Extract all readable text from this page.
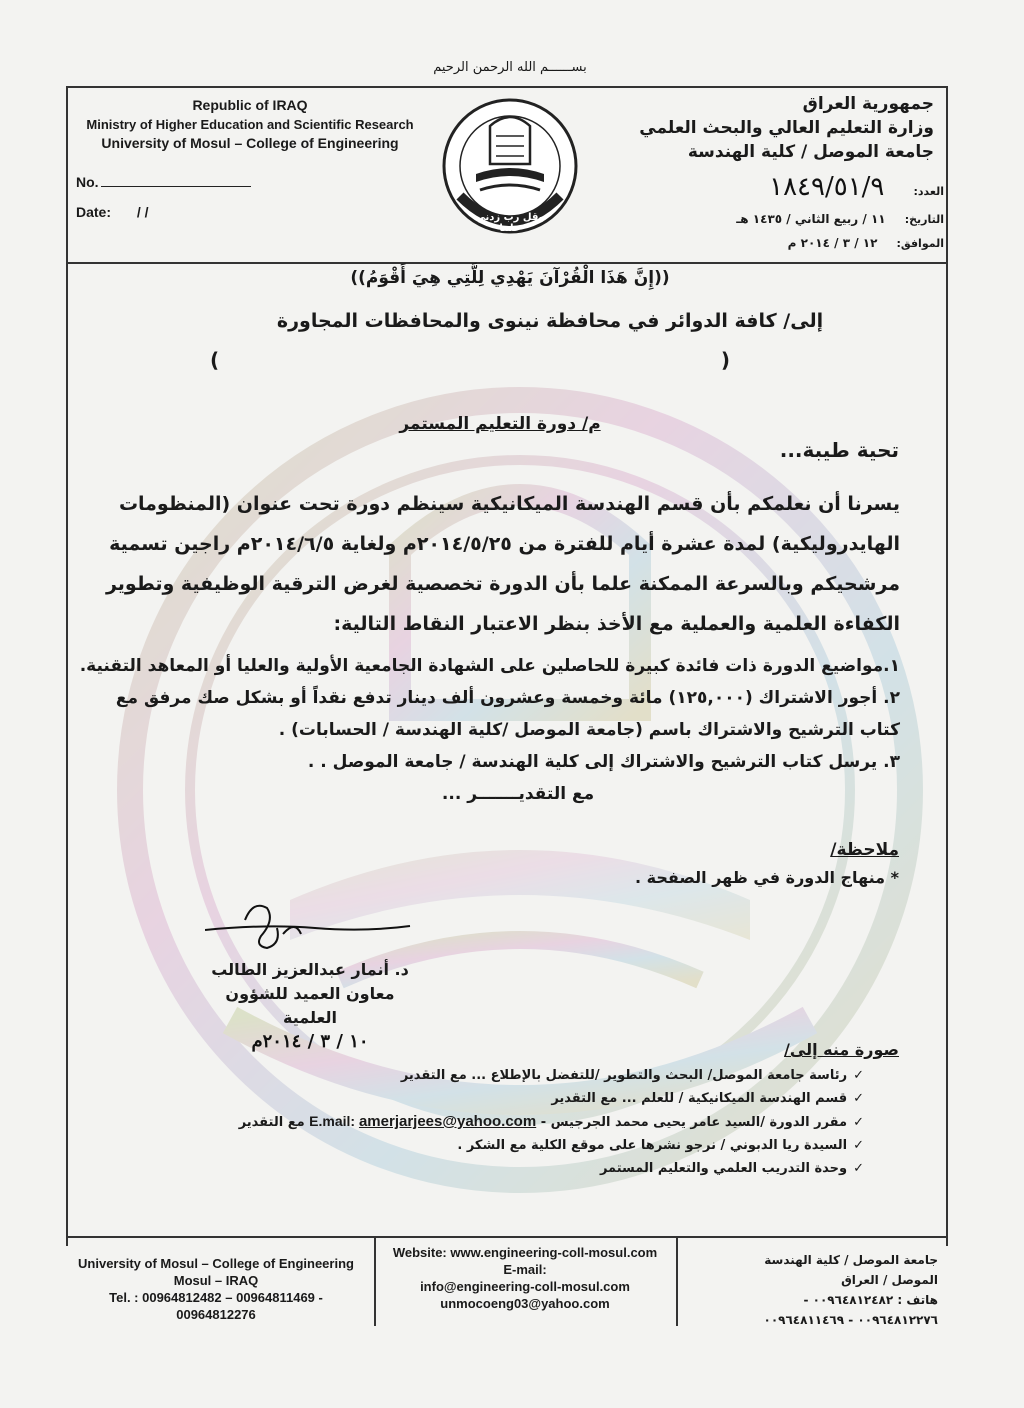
بســــــم الله الرحمن الرحيم
Republic of IRAQ
Ministry of Higher Education and Scientific Research
University of Mosul – College of Engineering
No.
Date: / /	وقل رب زدني علما
جمهورية العراق
وزارة التعليم العالي والبحث العلمي
جامعة الموصل / كلية الهندسة
العدد: ١٨٤٩/٥١/٩
التاريخ: ١١ / ربيع الثاني / ١٤٣٥ هـ
الموافق: ١٢ / ٣ / ٢٠١٤ م
((إِنَّ هَذَا الْقُرْآنَ يَهْدِي لِلَّتِي هِيَ أَقْوَمُ))
إلى/ كافة الدوائر في محافظة نينوى والمحافظات المجاورة
(	)
م/ دورة التعليم المستمر
تحية طيبة...
يسرنا أن نعلمكم بأن قسم الهندسة الميكانيكية سينظم دورة تحت عنوان (المنظومات الهايدروليكية) لمدة عشرة أيام للفترة من ٢٠١٤/٥/٢٥م ولغاية ٢٠١٤/٦/٥م راجين تسمية مرشحيكم وبالسرعة الممكنة علما بأن الدورة تخصصية لغرض الترقية الوظيفية وتطوير الكفاءة العلمية والعملية مع الأخذ بنظر الاعتبار النقاط التالية:
١.مواضيع الدورة ذات فائدة كبيرة للحاصلين على الشهادة الجامعية الأولية والعليا أو المعاهد التقنية.
٢. أجور الاشتراك (١٢٥,٠٠٠) مائة وخمسة وعشرون ألف دينار تدفع نقداً أو بشكل صك مرفق مع كتاب الترشيح والاشتراك باسم (جامعة الموصل /كلية الهندسة / الحسابات) .
٣. يرسل كتاب الترشيح والاشتراك إلى كلية الهندسة / جامعة الموصل . .
مع التقديـــــــر ...
ملاحظة/
* منهاج الدورة في ظهر الصفحة .
د. أنمار عبدالعزيز الطالب
معاون العميد للشؤون العلمية
١٠ / ٣ / ٢٠١٤م	صورة منه إلى/
✓رئاسة جامعة الموصل/ البحث والتطوير /للتفضل بالإطلاع ... مع التقدير
✓قسم الهندسة الميكانيكية / للعلم ... مع التقدير
✓مقرر الدورة /السيد عامر يحيى محمد الجرجيس - E.mail: amerjarjees@yahoo.com مع التقدير
✓السيدة ريا الدبوني / نرجو نشرها على موقع الكلية مع الشكر .
✓وحدة التدريب العلمي والتعليم المستمر
University of Mosul – College of Engineering
Mosul – IRAQ
Tel. : 00964812482 – 00964811469 -
00964812276
Website: www.engineering-coll-mosul.com
E-mail:
info@engineering-coll-mosul.com
unmocoeng03@yahoo.com
جامعة الموصل / كلية الهندسة
الموصل / العراق
هاتف : ٠٠٩٦٤٨١٢٤٨٢ -
٠٠٩٦٤٨١٢٢٧٦ - ٠٠٩٦٤٨١١٤٦٩
